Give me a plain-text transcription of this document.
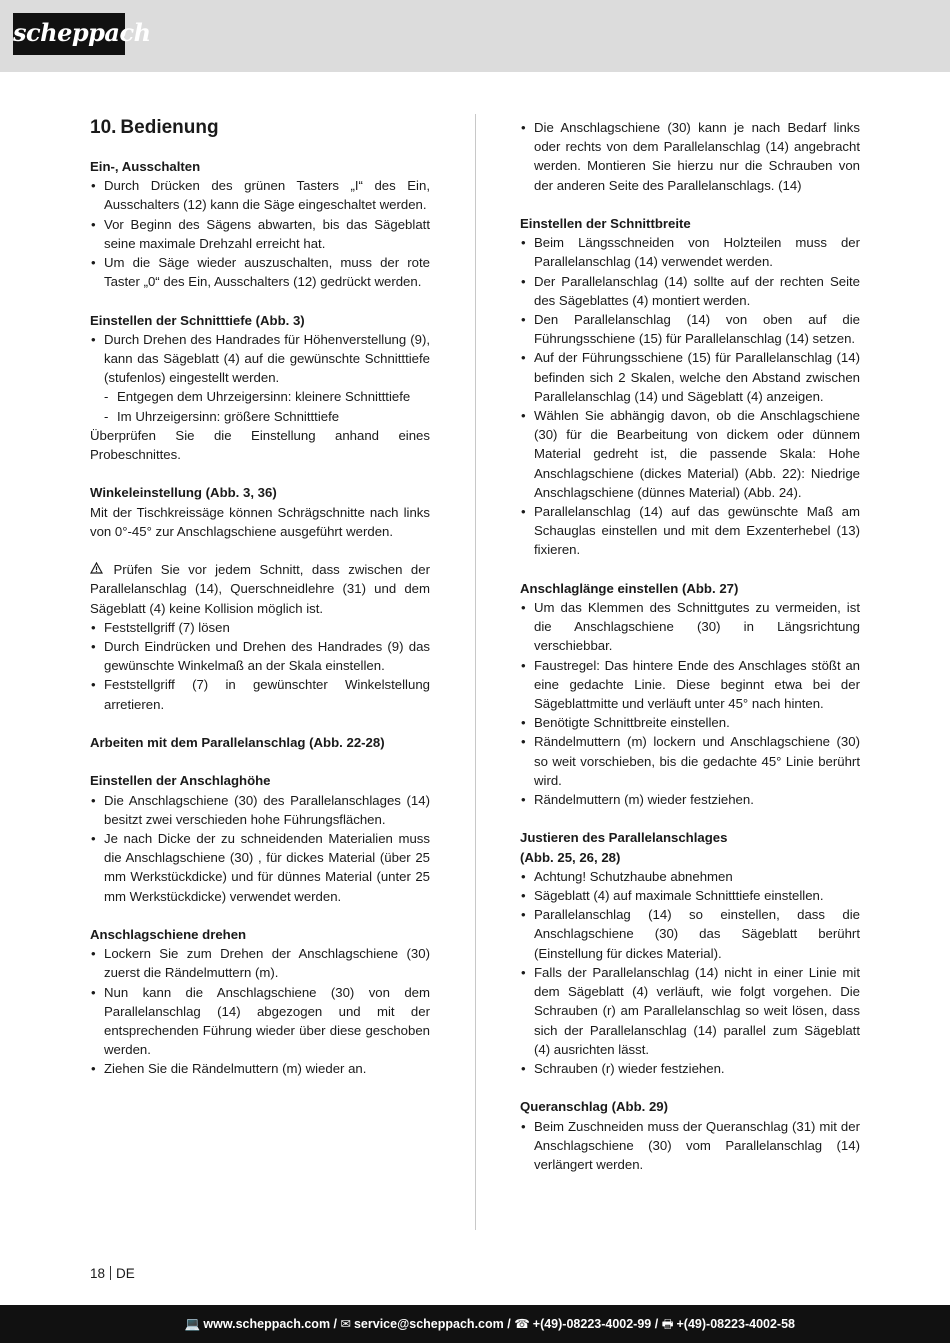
scheppach
10. Bedienung

Ein-, Ausschalten

• Durch Drücken des grünen Tasters „I“ des Ein, Ausschalters (12) kann die Säge eingeschaltet werden.
• Vor Beginn des Sägens abwarten, bis das Sägeblatt seine maximale Drehzahl erreicht hat.
• Um die Säge wieder auszuschalten, muss der rote Taster „0“ des Ein, Ausschalters (12) gedrückt werden.

Einstellen der Schnitttiefe (Abb. 3)

• Durch Drehen des Handrades für Höhenverstellung (9), kann das Sägeblatt (4) auf die gewünschte Schnitttiefe (stufenlos) eingestellt werden.
- Entgegen dem Uhrzeigersinn: kleinere Schnitttiefe
- Im Uhrzeigersinn: größere Schnitttiefe

Überprüfen Sie die Einstellung anhand eines Probeschnittes.

Winkeleinstellung (Abb. 3, 36)

Mit der Tischkreissäge können Schrägschnitte nach links von 0°-45° zur Anschlagschiene ausgeführt werden.

Prüfen Sie vor jedem Schnitt, dass zwischen der Parallelanschlag (14), Querschneidlehre (31) und dem Sägeblatt (4) keine Kollision möglich ist.

• Feststellgriff (7) lösen
• Durch Eindrücken und Drehen des Handrades (9) das gewünschte Winkelmaß an der Skala einstellen.
• Feststellgriff (7) in gewünschter Winkelstellung arretieren.

Arbeiten mit dem Parallelanschlag (Abb. 22-28)

Einstellen der Anschlaghöhe

• Die Anschlagschiene (30) des Parallelanschlages (14) besitzt zwei verschieden hohe Führungsflächen.
• Je nach Dicke der zu schneidenden Materialien muss die Anschlagschiene (30) , für dickes Material (über 25 mm Werkstückdicke) und für dünnes Material (unter 25 mm Werkstückdicke) verwendet werden.

Anschlagschiene drehen

• Lockern Sie zum Drehen der Anschlagschiene (30) zuerst die Rändelmuttern (m).
• Nun kann die Anschlagschiene (30) von dem Parallelanschlag (14) abgezogen und mit der entsprechenden Führung wieder über diese geschoben werden.
• Ziehen Sie die Rändelmuttern (m) wieder an.
• Die Anschlagschiene (30) kann je nach Bedarf links oder rechts von dem Parallelanschlag (14) angebracht werden. Montieren Sie hierzu nur die Schrauben von der anderen Seite des Parallelanschlags. (14)

Einstellen der Schnittbreite

• Beim Längsschneiden von Holzteilen muss der Parallelanschlag (14) verwendet werden.
• Der Parallelanschlag (14) sollte auf der rechten Seite des Sägeblattes (4) montiert werden.
• Den Parallelanschlag (14) von oben auf die Führungsschiene (15) für Parallelanschlag (14) setzen.
• Auf der Führungsschiene (15) für Parallelanschlag (14) befinden sich 2 Skalen, welche den Abstand zwischen Parallelanschlag (14) und Sägeblatt (4) anzeigen.
• Wählen Sie abhängig davon, ob die Anschlagschiene (30) für die Bearbeitung von dickem oder dünnem Material gedreht ist, die passende Skala: Hohe Anschlagschiene (dickes Material) (Abb. 22): Niedrige Anschlagschiene (dünnes Material) (Abb. 24).
• Parallelanschlag (14) auf das gewünschte Maß am Schauglas einstellen und mit dem Exzenterhebel (13) fixieren.

Anschlaglänge einstellen (Abb. 27)

• Um das Klemmen des Schnittgutes zu vermeiden, ist die Anschlagschiene (30) in Längsrichtung verschiebbar.
• Faustregel: Das hintere Ende des Anschlages stößt an eine gedachte Linie. Diese beginnt etwa bei der Sägeblattmitte und verläuft unter 45° nach hinten.
• Benötigte Schnittbreite einstellen.
• Rändelmuttern (m) lockern und Anschlagschiene (30) so weit vorschieben, bis die gedachte 45° Linie berührt wird.
• Rändelmuttern (m) wieder festziehen.

Justieren des Parallelanschlages

(Abb. 25, 26, 28)

• Achtung! Schutzhaube abnehmen
• Sägeblatt (4) auf maximale Schnitttiefe einstellen.
• Parallelanschlag (14) so einstellen, dass die Anschlagschiene (30) das Sägeblatt berührt (Einstellung für dickes Material).
• Falls der Parallelanschlag (14) nicht in einer Linie mit dem Sägeblatt (4) verläuft, wie folgt vorgehen. Die Schrauben (r) am Parallelanschlag so weit lösen, dass sich der Parallelanschlag (14) parallel zum Sägeblatt (4) ausrichten lässt.
• Schrauben (r) wieder festziehen.

Queranschlag (Abb. 29)

• Beim Zuschneiden muss der Queranschlag (31) mit der Anschlagschiene (30) vom Parallelanschlag (14) verlängert werden.
18 DE
💻 www.scheppach.com / ✉ service@scheppach.com / ☎ +(49)-08223-4002-99 / 🖶 +(49)-08223-4002-58
